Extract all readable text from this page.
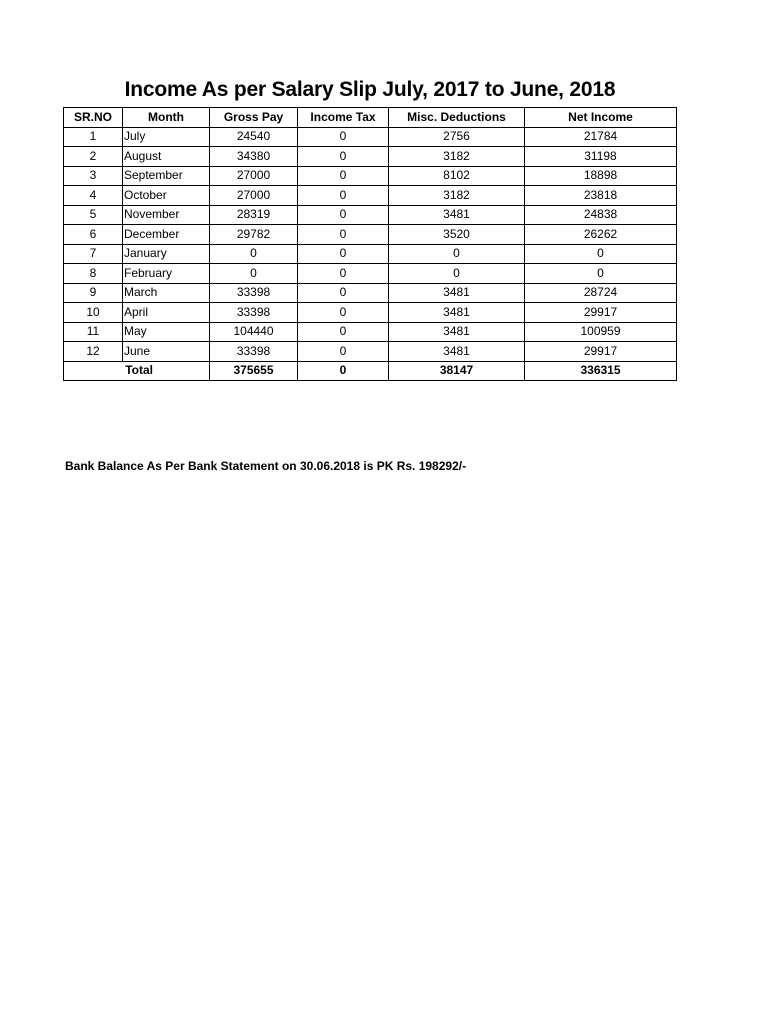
Income As per Salary Slip July, 2017 to June, 2018
SR.NO	Month	Gross Pay	Income Tax	Misc. Deductions	Net Income
1	July	24540	0	2756	21784
2	August	34380	0	3182	31198
3	September	27000	0	8102	18898
4	October	27000	0	3182	23818
5	November	28319	0	3481	24838
6	December	29782	0	3520	26262
7	January	0	0	0	0
8	February	0	0	0	0
9	March	33398	0	3481	28724
10	April	33398	0	3481	29917
11	May	104440	0	3481	100959
12	June	33398	0	3481	29917
Total		375655	0	38147	336315
Bank Balance As Per Bank Statement on 30.06.2018 is PK Rs. 198292/-
